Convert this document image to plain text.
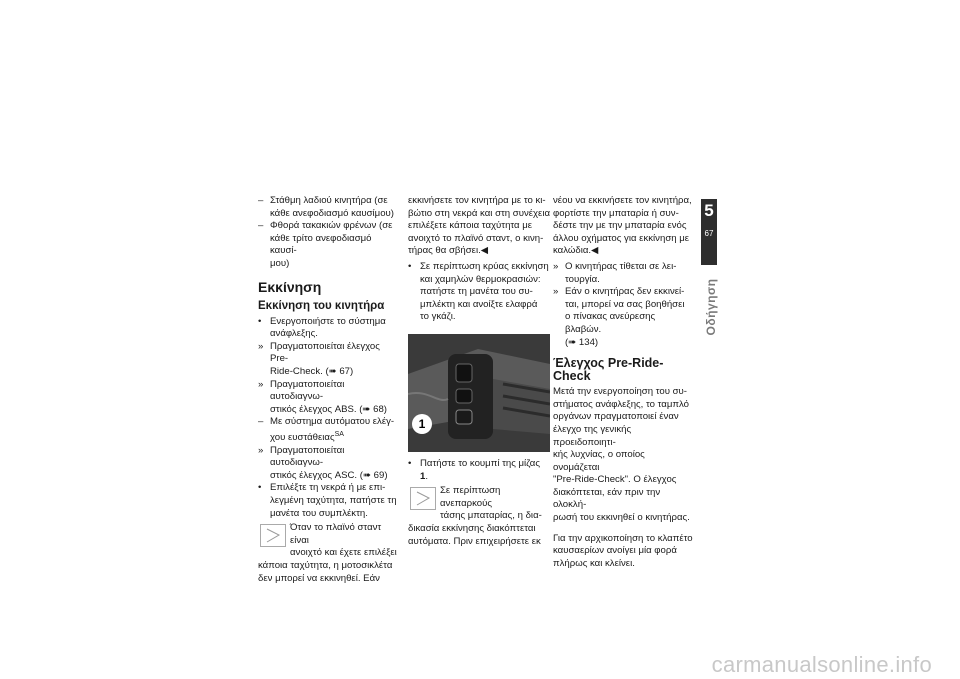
– Στάθμη λαδιού κινητήρα (σε
κάθε ανεφοδιασμό καυσίμου)
– Φθορά τακακιών φρένων (σε
κάθε τρίτο ανεφοδιασμό καυσί-
μου)
Εκκίνηση
Εκκίνηση του κινητήρα
• Ενεργοποιήστε το σύστημα
ανάφλεξης.
» Πραγματοποιείται έλεγχος Pre-
Ride-Check. (➠ 67)
» Πραγματοποιείται αυτοδιαγνω-
στικός έλεγχος ABS. (➠ 68)
– Με σύστημα αυτόματου ελέγ-
χου ευστάθειας$^{SA}$
» Πραγματοποιείται αυτοδιαγνω-
στικός έλεγχος ASC. (➠ 69)
• Επιλέξτε τη νεκρά ή με επι-
λεγμένη ταχύτητα, πατήστε τη
μανέτα του συμπλέκτη.
Όταν το πλαϊνό σταντ είναι
ανοιχτό και έχετε επιλέξει
κάποια ταχύτητα, η μοτοσικλέτα
δεν μπορεί να εκκινηθεί. Εάν
εκκινήσετε τον κινητήρα με το κι-
βώτιο στη νεκρά και στη συνέχεια
επιλέξετε κάποια ταχύτητα με
ανοιχτό το πλαϊνό σταντ, ο κινη-
τήρας θα σβήσει.◀
• Σε περίπτωση κρύας εκκίνηση
και χαμηλών θερμοκρασιών:
πατήστε τη μανέτα του συ-
μπλέκτη και ανοίξτε ελαφρά
το γκάζι.
1
• Πατήστε το κουμπί της μίζας 1.
Σε περίπτωση ανεπαρκούς
τάσης μπαταρίας, η δια-
δικασία εκκίνησης διακόπτεται
αυτόματα. Πριν επιχειρήσετε εκ
νέου να εκκινήσετε τον κινητήρα,
φορτίστε την μπαταρία ή συν-
δέστε την με την μπαταρία ενός
άλλου οχήματος για εκκίνηση με
καλώδια.◀
» Ο κινητήρας τίθεται σε λει-
τουργία.
» Εάν ο κινητήρας δεν εκκινεί-
ται, μπορεί να σας βοηθήσει
ο πίνακας ανεύρεσης βλαβών.
(➠ 134)
Έλεγχος Pre-Ride-
Check
Μετά την ενεργοποίηση του συ-
στήματος ανάφλεξης, το ταμπλό
οργάνων πραγματοποιεί έναν
έλεγχο της γενικής προειδοποιητι-
κής λυχνίας, ο οποίος ονομάζεται
"Pre-Ride-Check". Ο έλεγχος
διακόπτεται, εάν πριν την ολοκλή-
ρωσή του εκκινηθεί ο κινητήρας.
Για την αρχικοποίηση το κλαπέτο
καυσαερίων ανοίγει μία φορά
πλήρως και κλείνει.
5
67
Οδήγηση
carmanualsonline.info
